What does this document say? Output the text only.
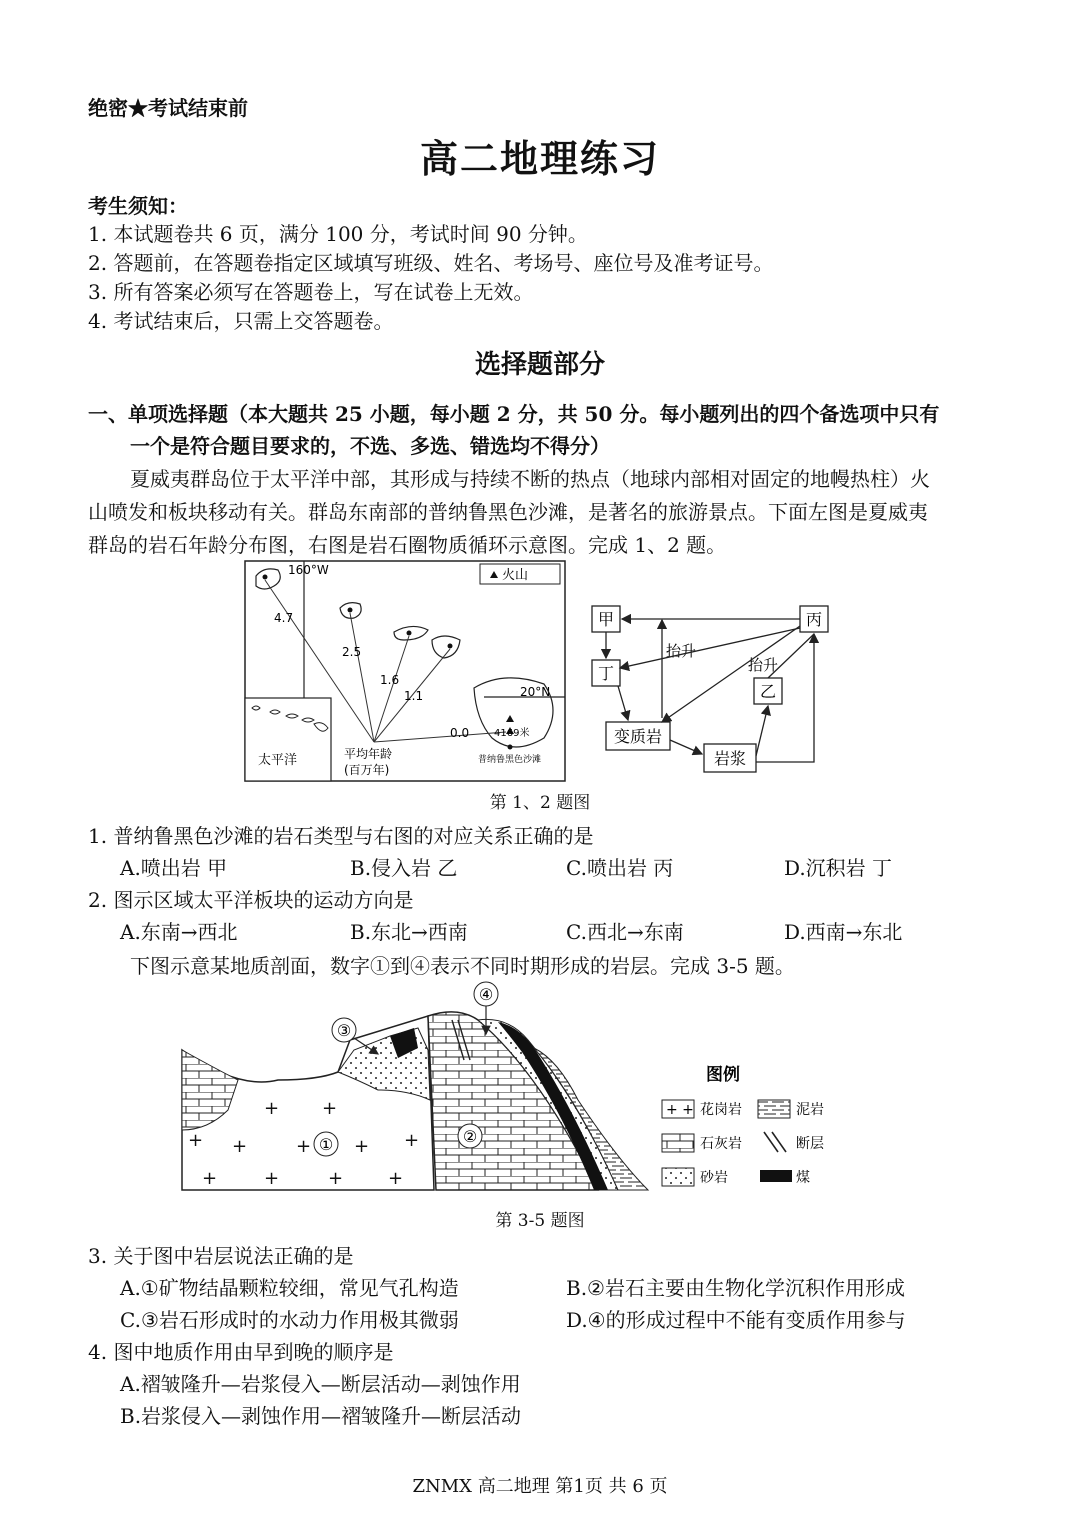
绝密★考试结束前
高二地理练习
考生须知：
1. 本试题卷共 6 页，满分 100 分，考试时间 90 分钟。
2. 答题前，在答题卷指定区域填写班级、姓名、考场号、座位号及准考证号。
3. 所有答案必须写在答题卷上，写在试卷上无效。
4. 考试结束后，只需上交答题卷。
选择题部分
一、单项选择题（本大题共 25 小题，每小题 2 分，共 50 分。每小题列出的四个备选项中只有
一个是符合题目要求的，不选、多选、错选均不得分）
夏威夷群岛位于太平洋中部，其形成与持续不断的热点（地球内部相对固定的地幔热柱）火
山喷发和板块移动有关。群岛东南部的普纳鲁黑色沙滩，是著名的旅游景点。下面左图是夏威夷
群岛的岩石年龄分布图，右图是岩石圈物质循环示意图。完成 1、2 题。
火山
160°W
20°N
4.7
2.5
1.6
1.1
0.0 4169米
普纳鲁黑色沙滩
平均年龄
(百万年)
太平洋
甲	丙
丁
乙
变质岩
岩浆
抬升
抬升
第 1、2 题图
1. 普纳鲁黑色沙滩的岩石类型与右图的对应关系正确的是
A.喷出岩 甲	B.侵入岩 乙	C.喷出岩 丙	D.沉积岩 丁
2. 图示区域太平洋板块的运动方向是
A.东南→西北	B.东北→西南	C.西北→东南	D.西南→东北
下图示意某地质剖面，数字①到④表示不同时期形成的岩层。完成 3-5 题。
+ +
+ +	+ + +
+	+	+ +
①	②
③
④
图例
+ + 花岗岩	泥岩
石灰岩	断层
砂岩	煤
第 3-5 题图
3. 关于图中岩层说法正确的是
A.①矿物结晶颗粒较细，常见气孔构造	B.②岩石主要由生物化学沉积作用形成
C.③岩石形成时的水动力作用极其微弱	D.④的形成过程中不能有变质作用参与
4. 图中地质作用由早到晚的顺序是
A.褶皱隆升—岩浆侵入—断层活动—剥蚀作用
B.岩浆侵入—剥蚀作用—褶皱隆升—断层活动
ZNMX 高二地理 第1页 共 6 页
